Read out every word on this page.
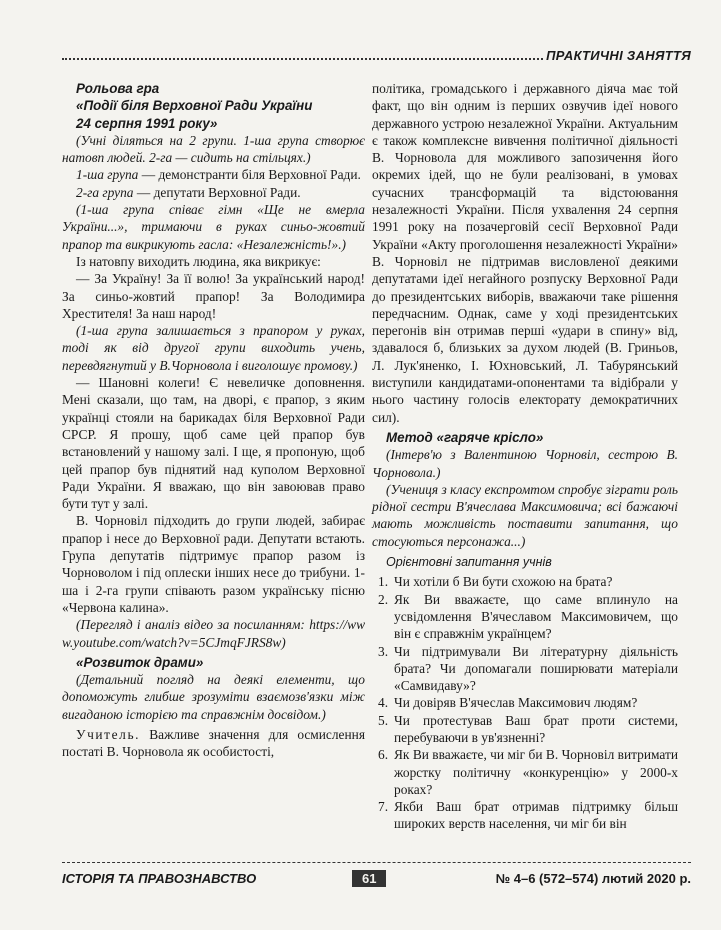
ПРАКТИЧНІ ЗАНЯТТЯ

Рольова гра

«Події біля Верховної Ради України

24 серпня 1991 року»

(Учні діляться на 2 групи. 1-ша група створює натовп людей. 2-га — сидить на стільцях.)

1-ша група — демонстранти біля Верховної Ради.

2-га група — депутати Верховної Ради.

(1-ша група співає гімн «Ще не вмерла України...», тримаючи в руках синьо-жовтий прапор та викрикують гасла: «Незалежність!».)

Із натовпу виходить людина, яка викрикує:

— За Україну! За її волю! За український народ! За синьо-жовтий прапор! За Володимира Хрестителя! За наш народ!

(1-ша група залишається з прапором у руках, тоді як від другої групи виходить учень, перевдягнутий у В.Чорновола і виголошує промову.)

— Шановні колеги! Є невеличке доповнення. Мені сказали, що там, на дворі, є прапор, з яким українці стояли на барикадах біля Верховної Ради СРСР. Я прошу, щоб саме цей прапор був встановлений у нашому залі. І ще, я пропоную, щоб цей прапор був піднятий над куполом Верховної Ради України. Я вважаю, що він завоював право бути тут у залі.

В. Чорновіл підходить до групи людей, забирає прапор і несе до Верховної ради. Депутати встають. Група депутатів підтримує прапор разом із Чорноволом і під оплески інших несе до трибуни. 1-ша і 2-га групи співають разом українську пісню «Червона калина».

(Перегляд і аналіз відео за посиланням: https://www.youtube.com/watch?v=5CJmqFJRS8w)

«Розвиток драми»

(Детальний погляд на деякі елементи, що допоможуть глибше зрозуміти взаємозв'язки між вигаданою історією та справжнім досвідом.)

Учитель. Важливе значення для осмислення постаті В. Чорновола як особистості,

політика, громадського і державного діяча має той факт, що він одним із перших озвучив ідеї нового державного устрою незалежної України. Актуальним є також комплексне вивчення політичної діяльності В. Чорновола для можливого запозичення його окремих ідей, що не були реалізовані, в умовах сучасних трансформацій та відстоювання незалежності України. Після ухвалення 24 серпня 1991 року на позачерговій сесії Верховної Ради України «Акту проголошення незалежності України» В. Чорновіл не підтримав висловленої деякими депутатами ідеї негайного розпуску Верховної Ради до президентських виборів, вважаючи таке рішення передчасним. Однак, саме у ході президентських перегонів він отримав перші «удари в спину» від, здавалося б, близьких за духом людей (В. Гриньов, Л. Лук'яненко, І. Юхновський, Л. Табурянський виступили кандидатами-опонентами та відібрали у нього частину голосів електорату демократичних сил).

Метод «гаряче крісло»

(Інтерв'ю з Валентиною Чорновіл, сестрою В. Чорновола.)

(Учениця з класу експромтом спробує зіграти роль рідної сестри В'ячеслава Максимовича; всі бажаючі мають можливість поставити запитання, що стосуються персонажа...)

Орієнтовні запитання учнів

1. Чи хотіли б Ви бути схожою на брата?
2. Як Ви вважаєте, що саме вплинуло на усвідомлення В'ячеславом Максимовичем, що він є справжнім українцем?
3. Чи підтримували Ви літературну діяльність брата? Чи допомагали поширювати матеріали «Самвидаву»?
4. Чи довіряв В'ячеслав Максимович людям?
5. Чи протестував Ваш брат проти системи, перебуваючи в ув'язненні?
6. Як Ви вважаєте, чи міг би В. Чорновіл витримати жорстку політичну «конкуренцію» у 2000-х роках?
7. Якби Ваш брат отримав підтримку більш широких верств населення, чи міг би він
ІСТОРІЯ ТА ПРАВОЗНАВСТВО	61	№ 4–6 (572–574) лютий 2020 р.
